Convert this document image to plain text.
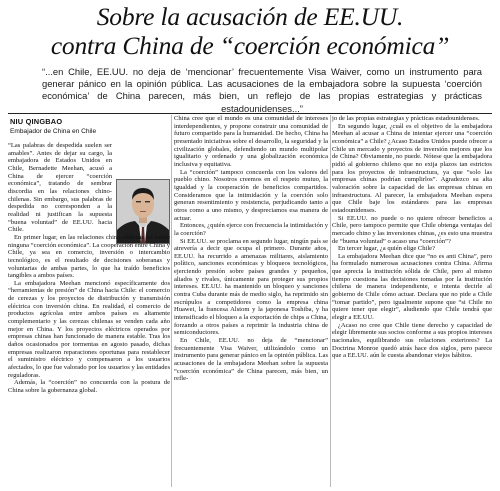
Sobre la acusación de EE.UU.
contra China de “coerción económica”

“...en Chile, EE.UU. no deja de ‘mencionar’ frecuentemente Visa Waiver, como un instrumento para generar pánico en la opinión pública. Las acusaciones de la embajadora sobre la supuesta ‘coerción económica’ de China parecen, más bien, un reflejo de las propias estrategias y prácticas estadounidenses...”

NIU QINGBAO
Embajador de China en Chile
“Las palabras de despedida suelen ser amables”. Antes de dejar su cargo, la embajadora de Estados Unidos en Chile, Bernadette Meehan, acusó a China de ejercer “coerción económica”, tratando de sembrar discordia en las relaciones chino-chilenas. Sin embargo, sus palabras de despedida no corresponden a la realidad ni justifican la supuesta “buena voluntad” de EE.UU. hacia Chile.

En primer lugar, en las relaciones chino-chilenas no existe ninguna “coerción económica”. La cooperación entre China y Chile, ya sea en comercio, inversión o intercambio tecnológico, es el resultado de decisiones soberanas y voluntarias de ambas partes, lo que ha traído beneficios tangibles a ambos países.

La embajadora Meehan mencionó específicamente dos “herramientas de presión” de China hacia Chile: el comercio de cerezas y los proyectos de distribución y transmisión eléctrica con inversión china. En realidad, el comercio de productos agrícolas entre ambos países es altamente complementario y las cerezas chilenas se venden cada año mejor en China. Y los proyectos eléctricos operados por empresas chinas han funcionado de manera estable. Tras los daños ocasionados por tormentas en agosto pasado, dichas empresas realizaron reparaciones oportunas para restablecer el suministro eléctrico y compensaron a los usuarios afectados, lo que fue valorado por los usuarios y las entidades reguladoras.

Además, la “coerción” no concuerda con la postura de China sobre la gobernanza global.

China cree que el mundo es una comunidad de intereses interdependientes, y propone construir una comunidad de futuro compartido para la humanidad. De hecho, China ha presentado iniciativas sobre el desarrollo, la seguridad y la civilización globales, defendiendo un mundo multipolar igualitario y ordenado y una globalización económica inclusiva y equitativa.

La “coerción” tampoco concuerda con los valores del pueblo chino. Nosotros creemos en el respeto mutuo, la igualdad y la cooperación de beneficios compartidos. Consideramos que la intimidación y la coerción solo generan resentimiento y resistencia, perjudicando tanto a otros como a uno mismo, y despreciamos esa manera de actuar.

Entonces, ¿quién ejerce con frecuencia la intimidación y la coerción?

Si EE.UU. se proclama en segundo lugar, ningún país se atrevería a decir que ocupa el primero. Durante años, EE.UU. ha recurrido a amenazas militares, aislamiento político, sanciones económicas y bloqueos tecnológicos, ejerciendo presión sobre países grandes y pequeños, aliados y rivales, únicamente para proteger sus propios intereses. EE.UU. ha mantenido un bloqueo y sanciones contra Cuba durante más de medio siglo, ha reprimido sin escrúpulos a competidores como la empresa china Huawei, la francesa Alstom y la japonesa Toshiba, y ha intensificado el bloqueo a la exportación de chips a China, forzando a otros países a reprimir la industria china de semiconductores.

En Chile, EE.UU. no deja de “mencionar” frecuentemente Visa Waiver, utilizándolo como un instrumento para generar pánico en la opinión pública. Las acusaciones de la embajadora Meehan sobre la supuesta “coerción económica” de China parecen, más bien, un refle-

jo de las propias estrategias y prácticas estadounidenses.

En segundo lugar, ¿cuál es el objetivo de la embajadora Meehan al acusar a China de intentar ejercer una “coerción económica” a Chile? ¿Acaso Estados Unidos puede ofrecer a Chile un mercado y proyectos de inversión mejores que los de China? Obviamente, no puede. Nótese que la embajadora pidió al gobierno chileno que no exija plazos tan estrictos para los proyectos de infraestructura, ya que “solo las empresas chinas podrían cumplirlos”. Agradezco su alta valoración sobre la capacidad de las empresas chinas en infraestructura. Al parecer, la embajadora Meehan espera que Chile baje los estándares para las empresas estadounidenses.

Si EE.UU. no puede o no quiere ofrecer beneficios a Chile, pero tampoco permite que Chile obtenga ventajas del mercado chino y las inversiones chinas, ¿es esto una muestra de “buena voluntad” o acaso una “coerción”?

En tercer lugar, ¿a quién elige Chile?

La embajadora Meehan dice que “no es anti China”, pero ha formulado numerosas acusaciones contra China. Afirma que aprecia la institución sólida de Chile, pero al mismo tiempo cuestiona las decisiones tomadas por la institución chilena de manera independiente, e intenta decirle al gobierno de Chile cómo actuar. Declara que no pide a Chile “tomar partido”, pero igualmente supone que “si Chile no quiere tener que elegir”, aludiendo que Chile tendrá que elegir a EE.UU.

¿Acaso no cree que Chile tiene derecho y capacidad de elegir libremente sus socios conforme a sus propios intereses nacionales, equilibrando sus relaciones exteriores? La Doctrina Monroe quedó atrás hace dos siglos, pero parece que a EE.UU. aún le cuesta abandonar viejos hábitos.
